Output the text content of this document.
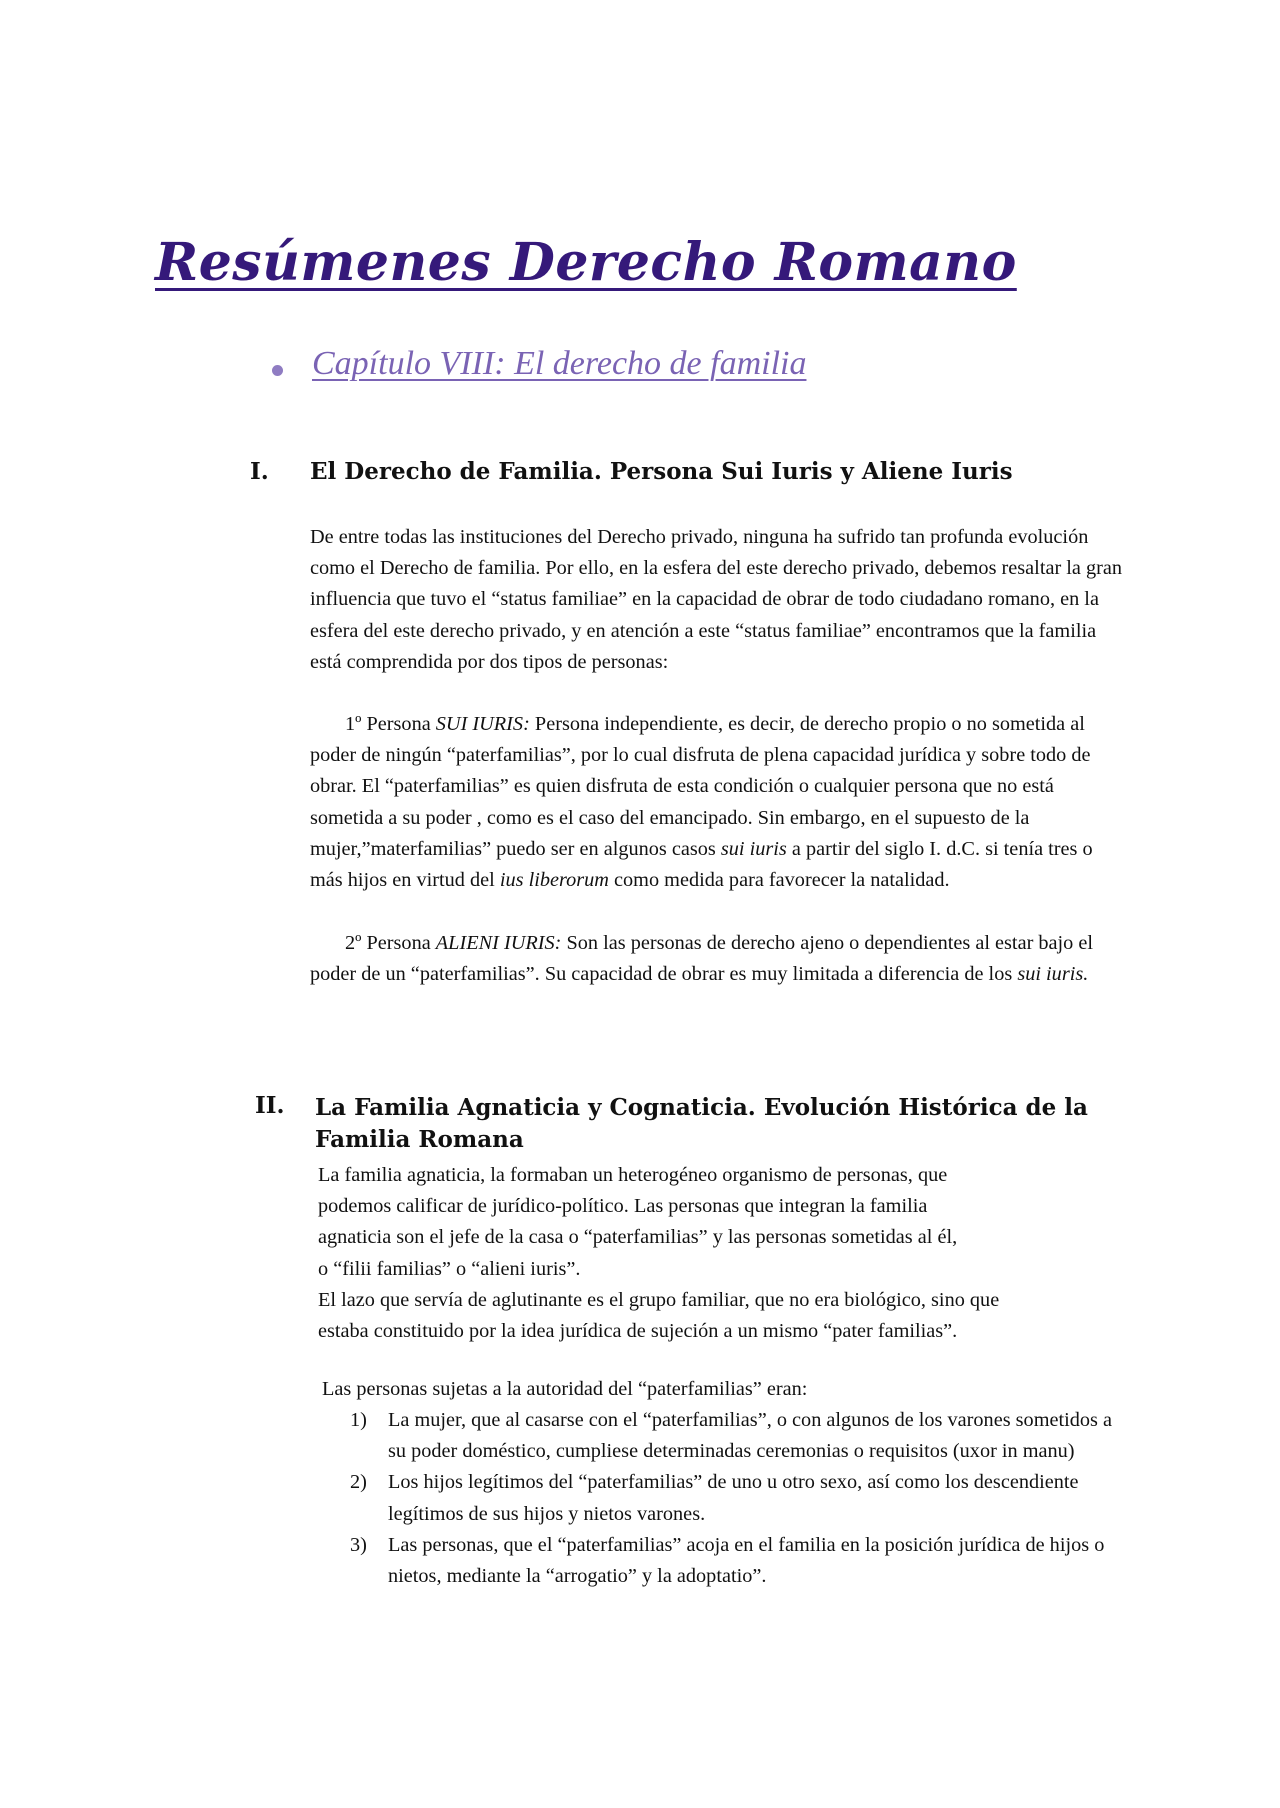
Resúmenes Derecho Romano
Capítulo VIII: El derecho de familia
I. El Derecho de Familia. Persona Sui Iuris y Aliene Iuris

De entre todas las instituciones del Derecho privado, ninguna ha sufrido tan profunda evolución como el Derecho de familia. Por ello, en la esfera del este derecho privado, debemos resaltar la gran influencia que tuvo el “status familiae” en la capacidad de obrar de todo ciudadano romano, en la esfera del este derecho privado, y en atención a este “status familiae” encontramos que la familia está comprendida por dos tipos de personas:

1º Persona SUI IURIS: Persona independiente, es decir, de derecho propio o no sometida al poder de ningún “paterfamilias”, por lo cual disfruta de plena capacidad jurídica y sobre todo de obrar. El “paterfamilias” es quien disfruta de esta condición o cualquier persona que no está sometida a su poder , como es el caso del emancipado. Sin embargo, en el supuesto de la mujer,”materfamilias” puedo ser en algunos casos sui iuris a partir del siglo I. d.C. si tenía tres o más hijos en virtud del ius liberorum como medida para favorecer la natalidad.

2º Persona ALIENI IURIS: Son las personas de derecho ajeno o dependientes al estar bajo el poder de un “paterfamilias”. Su capacidad de obrar es muy limitada a diferencia de los sui iuris.

II. La Familia Agnaticia y Cognaticia. Evolución Histórica de la Familia Romana

La familia agnaticia, la formaban un heterogéneo organismo de personas, que
podemos calificar de jurídico-político. Las personas que integran la familia
agnaticia son el jefe de la casa o “paterfamilias” y las personas sometidas al él,
o “filii familias” o “alieni iuris”.
El lazo que servía de aglutinante es el grupo familiar, que no era biológico, sino que
estaba constituido por la idea jurídica de sujeción a un mismo “pater familias”.

Las personas sujetas a la autoridad del “paterfamilias” eran:

1) La mujer, que al casarse con el “paterfamilias”, o con algunos de los varones sometidos a su poder doméstico, cumpliese determinadas ceremonias o requisitos (uxor in manu)
2) Los hijos legítimos del “paterfamilias” de uno u otro sexo, así como los descendiente legítimos de sus hijos y nietos varones.
3) Las personas, que el “paterfamilias” acoja en el familia en la posición jurídica de hijos o nietos, mediante la “arrogatio” y la adoptatio”.
